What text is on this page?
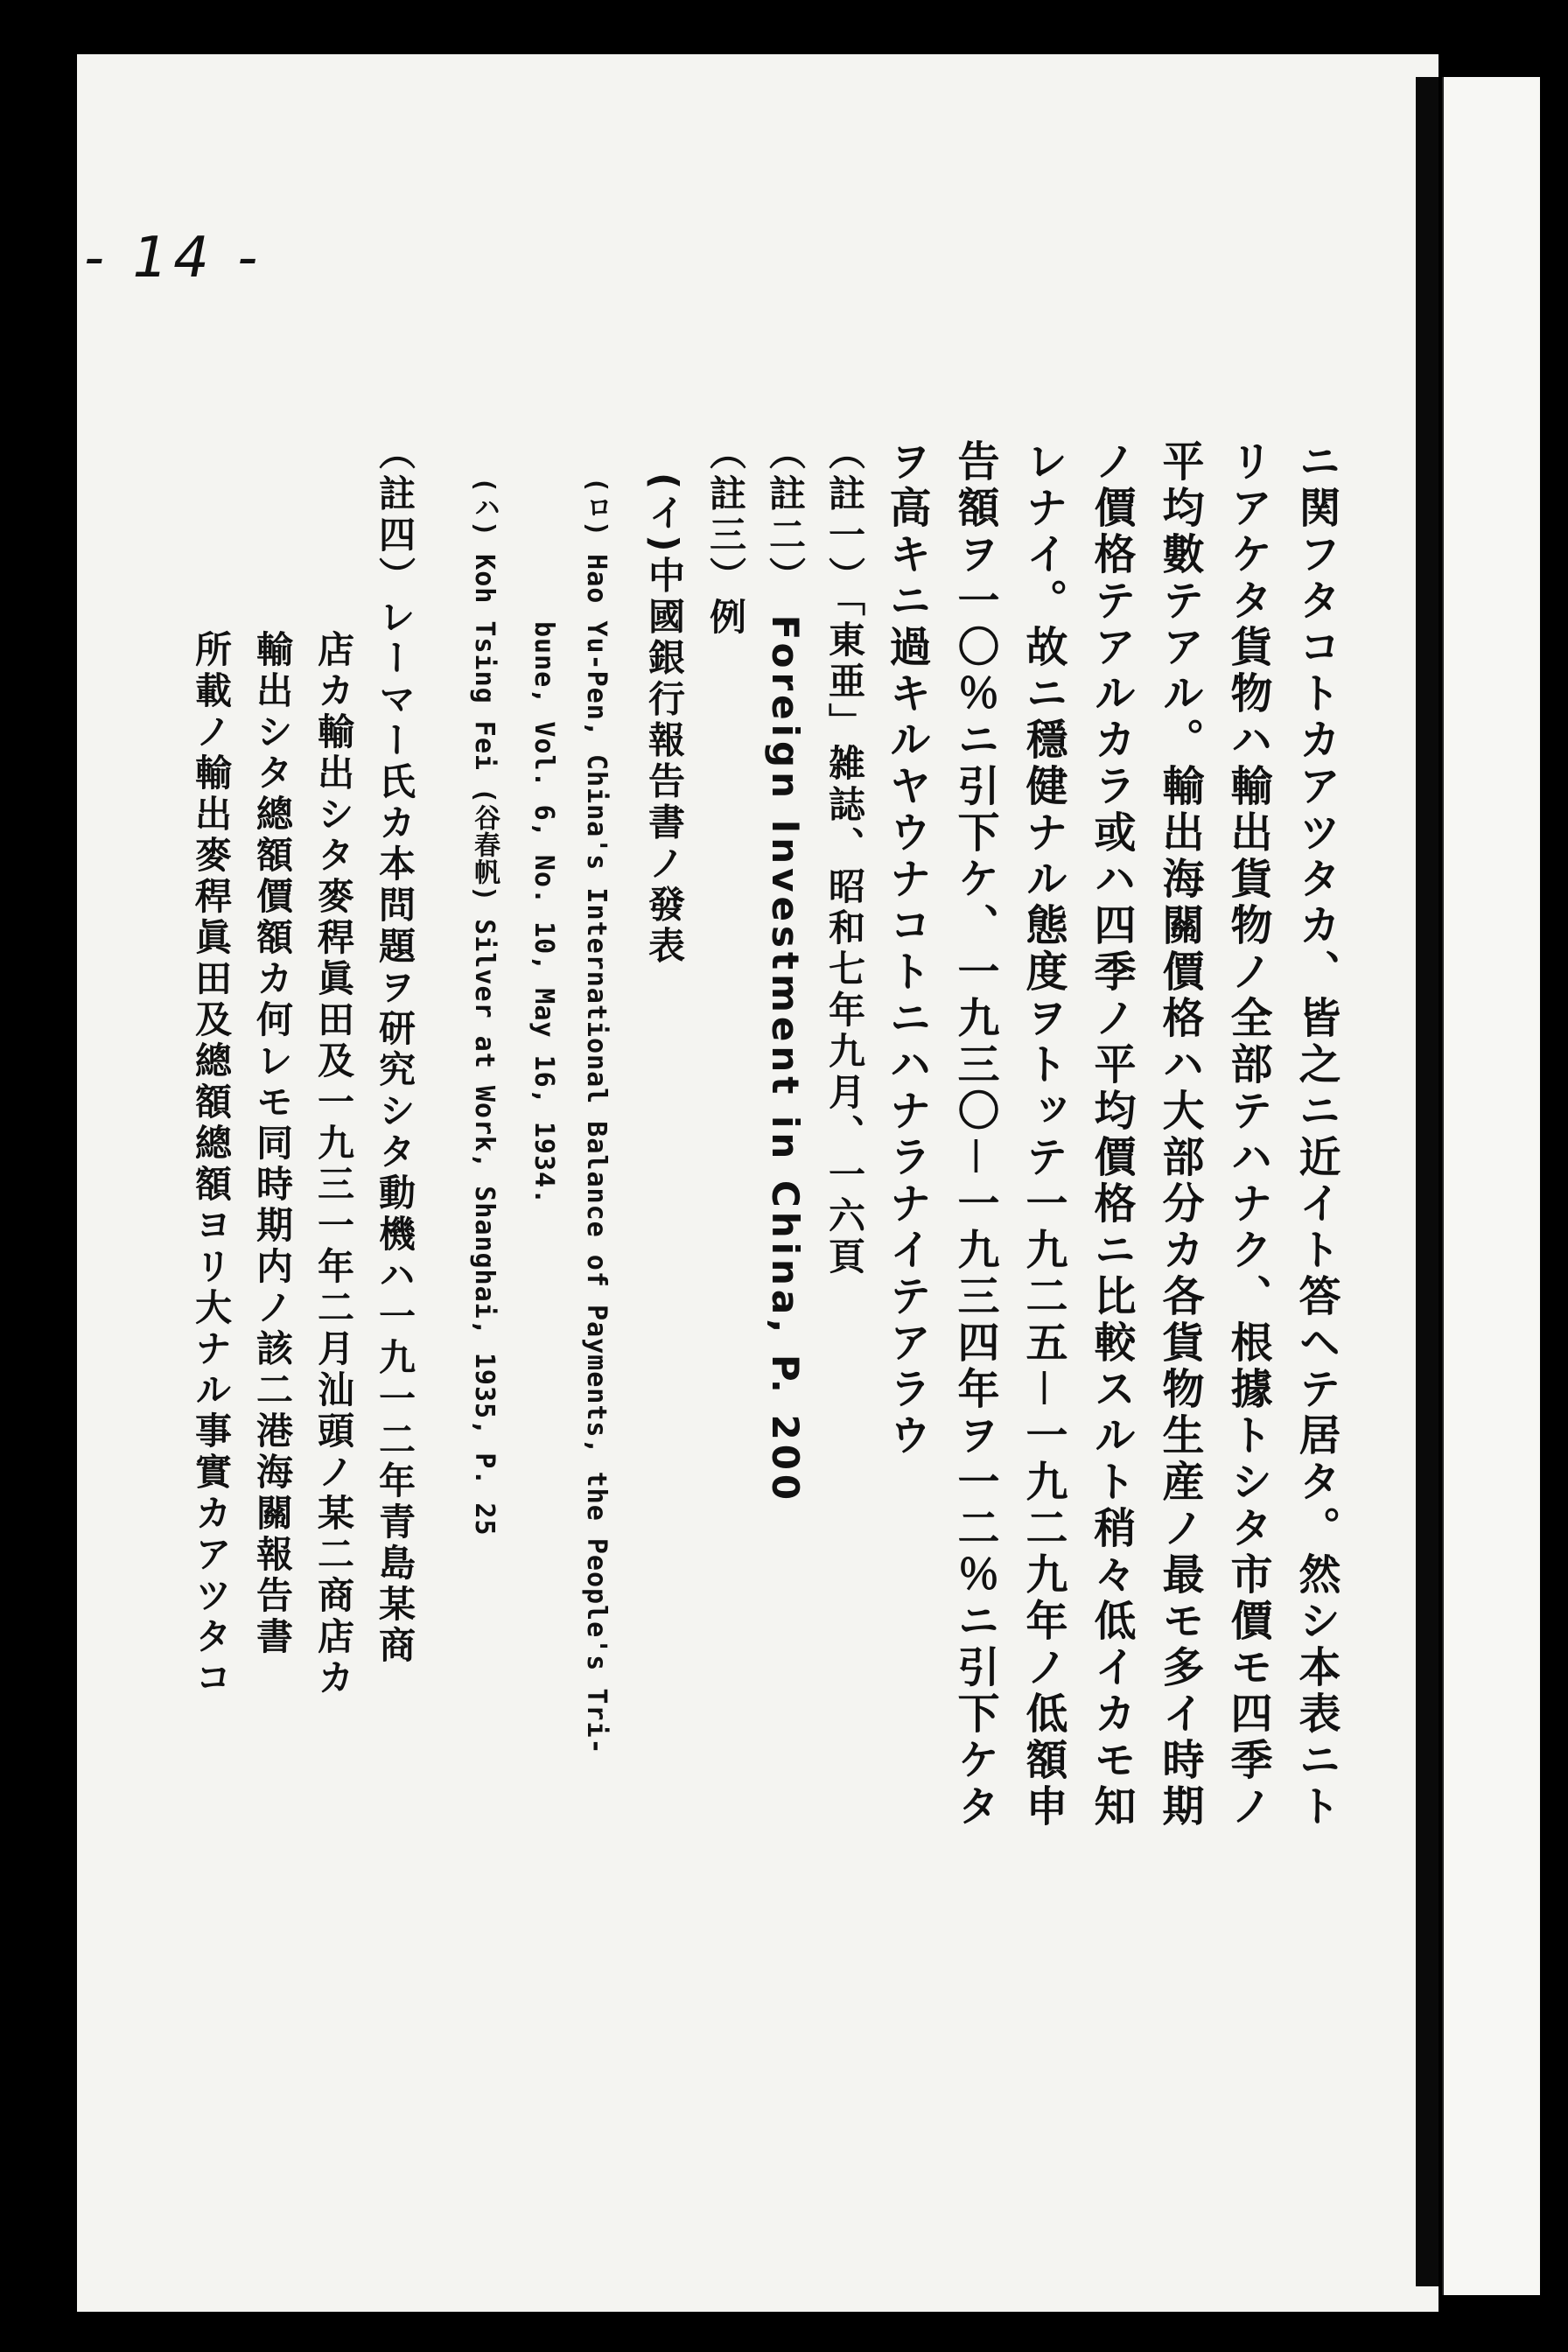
- 14 -
ニ関フタコトカアツタカ、皆之ニ近イト答ヘテ居タ。然シ本表ニト
リアケタ貨物ハ輸出貨物ノ全部テハナク、根據トシタ市價モ四季ノ
平均數テアル。輸出海關價格ハ大部分カ各貨物生産ノ最モ多イ時期
ノ價格テアルカラ或ハ四季ノ平均價格ニ比較スルト稍々低イカモ知
レナイ。故ニ穩健ナル態度ヲトッテ一九二五－一九二九年ノ低額申
告額ヲ一〇％ニ引下ケ、一九三〇－一九三四年ヲ一二％ニ引下ケタ
ヲ高キニ過キルヤウナコトニハナラナイテアラウ
（註一）「東亜」雑誌、昭和七年九月、一六頁
（註二） Foreign Investment in China, P. 200
（註三）例
(イ)中國銀行報告書ノ發表
(ロ) Hao Yu-Pen, China's International Balance of Payments, the People's Tri-
bune, Vol. 6, No. 10, May 16, 1934.
(ハ) Koh Tsing Fei (谷春帆) Silver at Work, Shanghai, 1935, P. 25
（註四）レーマー氏カ本問題ヲ研究シタ動機ハ一九一二年青島某商
店カ輸出シタ麥稈眞田及一九三一年二月汕頭ノ某二商店カ
輸出シタ總額價額カ何レモ同時期内ノ該二港海關報告書
所載ノ輸出麥稈眞田及總額總額ヨリ大ナル事實カアツタコ
